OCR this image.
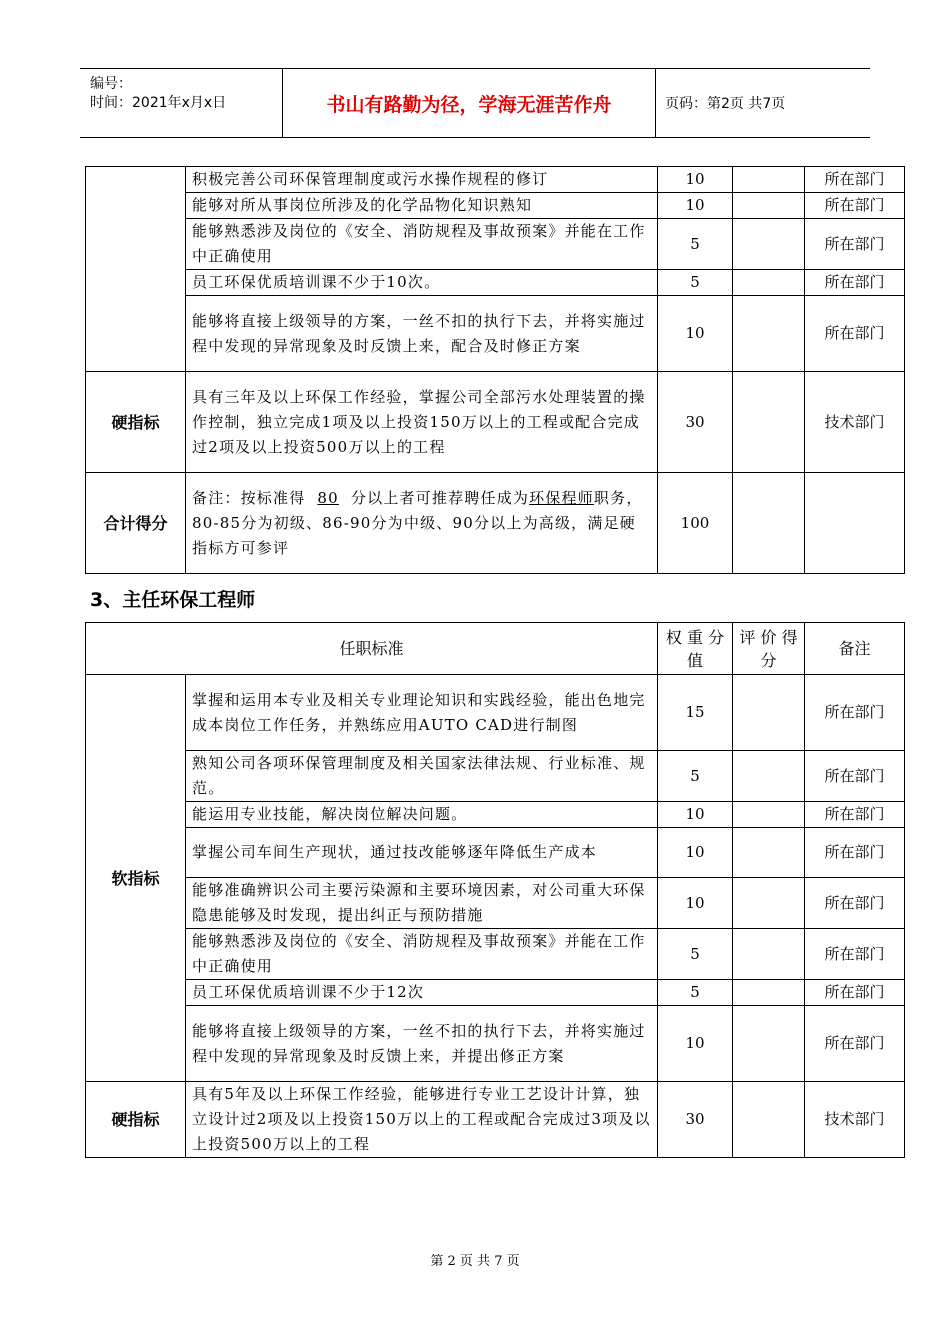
编号：
时间：2021年x月x日	书山有路勤为径，学海无涯苦作舟	页码：第2页 共7页
	积极完善公司环保管理制度或污水操作规程的修订	10		所在部门
	能够对所从事岗位所涉及的化学品物化知识熟知	10		所在部门
	能够熟悉涉及岗位的《安全、消防规程及事故预案》并能在工作中正确使用	5		所在部门
	员工环保优质培训课不少于10次。	5		所在部门
	能够将直接上级领导的方案，一丝不扣的执行下去，并将实施过程中发现的异常现象及时反馈上来，配合及时修正方案	10		所在部门
硬指标	具有三年及以上环保工作经验，掌握公司全部污水处理装置的操作控制，独立完成1项及以上投资150万以上的工程或配合完成过2项及以上投资500万以上的工程	30		技术部门
合计得分	备注：按标准得 80 分以上者可推荐聘任成为环保程师职务，80-85分为初级、86-90分为中级、90分以上为高级，满足硬指标方可参评	100		
3、主任环保工程师
任职标准		权 重 分 值	评 价 得 分	备注
软指标	掌握和运用本专业及相关专业理论知识和实践经验，能出色地完成本岗位工作任务，并熟练应用AUTO CAD进行制图	15		所在部门
	熟知公司各项环保管理制度及相关国家法律法规、行业标准、规范。	5		所在部门
	能运用专业技能，解决岗位解决问题。	10		所在部门
	掌握公司车间生产现状，通过技改能够逐年降低生产成本	10		所在部门
	能够准确辨识公司主要污染源和主要环境因素，对公司重大环保隐患能够及时发现，提出纠正与预防措施	10		所在部门
	能够熟悉涉及岗位的《安全、消防规程及事故预案》并能在工作中正确使用	5		所在部门
	员工环保优质培训课不少于12次	5		所在部门
	能够将直接上级领导的方案，一丝不扣的执行下去，并将实施过程中发现的异常现象及时反馈上来，并提出修正方案	10		所在部门
硬指标	具有5年及以上环保工作经验，能够进行专业工艺设计计算，独立设计过2项及以上投资150万以上的工程或配合完成过3项及以上投资500万以上的工程	30		技术部门
第 2 页 共 7 页
